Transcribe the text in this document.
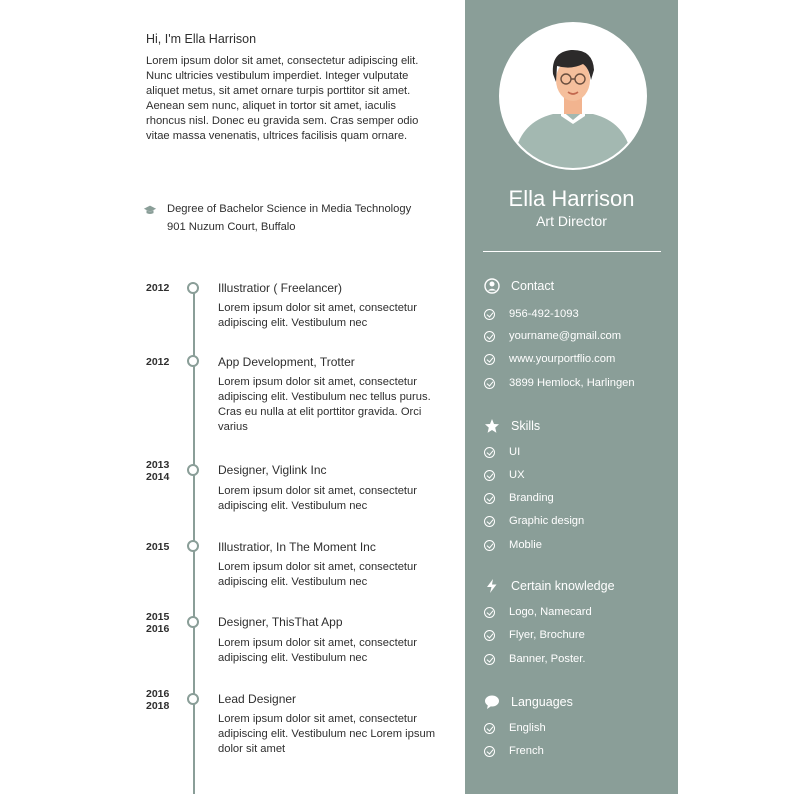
Hi, I'm Ella Harrison
Lorem ipsum dolor sit amet, consectetur adipiscing elit. Nunc ultricies vestibulum imperdiet. Integer vulputate aliquet metus, sit amet ornare turpis porttitor sit amet. Aenean sem nunc, aliquet in tortor sit amet, iaculis rhoncus nisl. Donec eu gravida sem. Cras semper odio vitae massa venenatis, ultrices facilisis quam ornare.
Degree of Bachelor Science in Media Technology
901 Nuzum Court, Buffalo
2012	Illustratior ( Freelancer)
Lorem ipsum dolor sit amet, consectetur adipiscing elit. Vestibulum nec
2012	App Development, Trotter
Lorem ipsum dolor sit amet, consectetur adipiscing elit. Vestibulum nec tellus purus. Cras eu nulla at elit porttitor gravida. Orci varius
2013
2014	Designer, Viglink Inc
Lorem ipsum dolor sit amet, consectetur adipiscing elit. Vestibulum nec
2015	Illustratior, In The Moment Inc
Lorem ipsum dolor sit amet, consectetur adipiscing elit. Vestibulum nec
2015
2016	Designer, ThisThat App
Lorem ipsum dolor sit amet, consectetur adipiscing elit. Vestibulum nec
2016
2018	Lead Designer
Lorem ipsum dolor sit amet, consectetur adipiscing elit. Vestibulum nec Lorem ipsum dolor sit amet
Ella Harrison
Art Director
Contact
956-492-1093
yourname@gmail.com
www.yourportflio.com
3899 Hemlock, Harlingen
Skills
UI
UX
Branding
Graphic design
Moblie
Certain knowledge
Logo, Namecard
Flyer, Brochure
Banner, Poster.
Languages
English
French
